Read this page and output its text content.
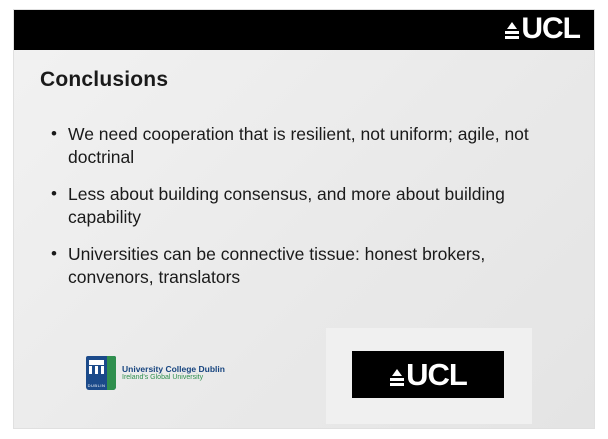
UCL
Conclusions
• We need cooperation that is resilient, not uniform; agile, not doctrinal
• Less about building consensus, and more about building capability
• Universities can be connective tissue: honest brokers, convenors, translators
DUBLIN
University College Dublin
Ireland's Global University	UCL
